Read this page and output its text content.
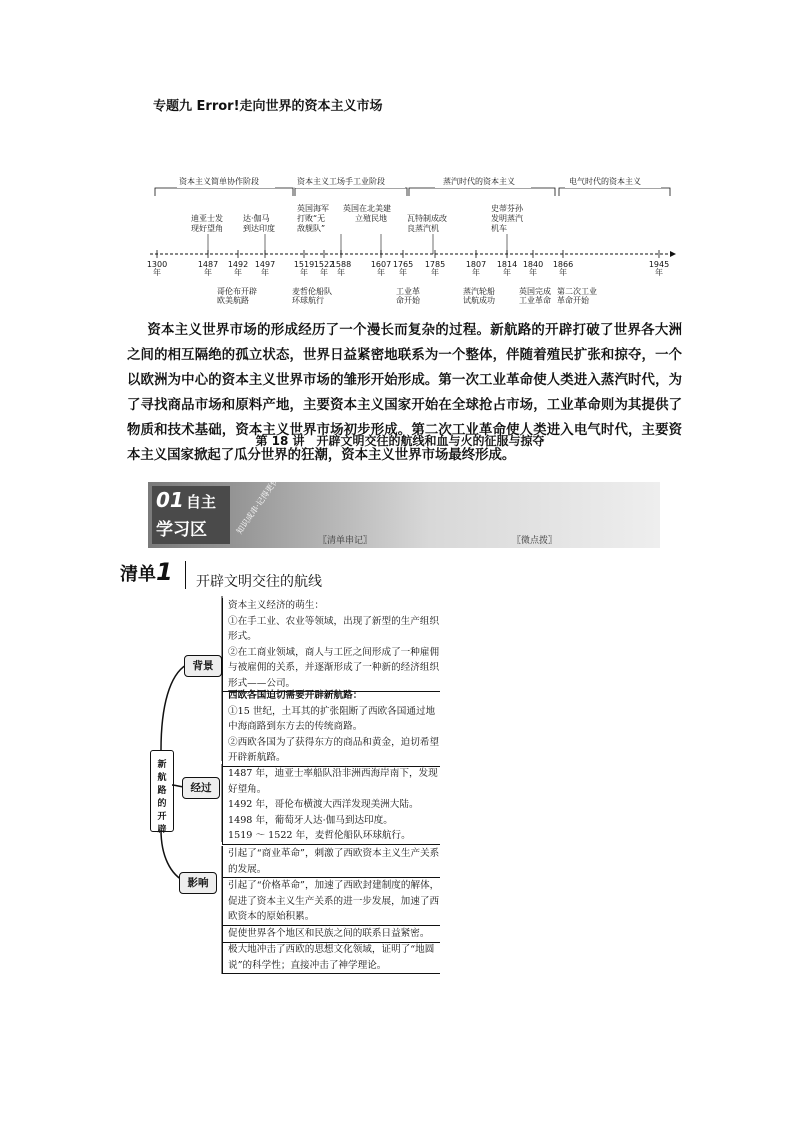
专题九 Error!走向世界的资本主义市场
资本主义简单协作阶段	资本主义工场手工业阶段	蒸汽时代的资本主义	电气时代的资本主义
1300
年
1487
年
1492
年
1497
年
1519
年
1522
年
1588
年
1607
年
1765
年
1785
年
1807
年
1814
年
1840
年
1866
年
1945
年
迪亚士发
现好望角
达·伽马
到达印度
英国海军
打败“无
敌舰队”
英国在北美建
立殖民地	瓦特制成改
良蒸汽机
史蒂芬孙
发明蒸汽
机车
哥伦布开辟
欧美航路
麦哲伦船队
环球航行
工业革
命开始
蒸汽轮船
试航成功
英国完成
工业革命
第二次工业
革命开始
资本主义世界市场的形成经历了一个漫长而复杂的过程。新航路的开辟打破了世界各大洲之间的相互隔绝的孤立状态，世界日益紧密地联系为一个整体，伴随着殖民扩张和掠夺，一个以欧洲为中心的资本主义世界市场的雏形开始形成。第一次工业革命使人类进入蒸汽时代，为了寻找商品市场和原料产地，主要资本主义国家开始在全球抢占市场，工业革命则为其提供了物质和技术基础，资本主义世界市场初步形成。第二次工业革命使人类进入电气时代，主要资本主义国家掀起了瓜分世界的狂潮，资本主义世界市场最终形成。
第 18 讲　开辟文明交往的航线和血与火的征服与掠夺
01 自主
学习区	知识成串·记得更快
〖清单串记〗	〖微点拨〗
清单1 开辟文明交往的航线
新
航
路
的
开
辟
背景
经过
影响

资本主义经济的萌生：

①在手工业、农业等领域，出现了新型的生产组织形式。

②在工商业领域，商人与工匠之间形成了一种雇佣与被雇佣的关系，并逐渐形成了一种新的经济组织形式——公司。

西欧各国迫切需要开辟新航路：

①15 世纪，土耳其的扩张阻断了西欧各国通过地中海商路到东方去的传统商路。

②西欧各国为了获得东方的商品和黄金，迫切希望开辟新航路。

1487 年，迪亚士率船队沿非洲西海岸南下，发现好望角。

1492 年，哥伦布横渡大西洋发现美洲大陆。

1498 年，葡萄牙人达·伽马到达印度。

1519 ～ 1522 年，麦哲伦船队环球航行。

引起了“商业革命”，刺激了西欧资本主义生产关系的发展。

引起了“价格革命”，加速了西欧封建制度的解体，促进了资本主义生产关系的进一步发展，加速了西欧资本的原始积累。

促使世界各个地区和民族之间的联系日益紧密。

极大地冲击了西欧的思想文化领域，证明了“地圆说”的科学性；直接冲击了神学理论。
